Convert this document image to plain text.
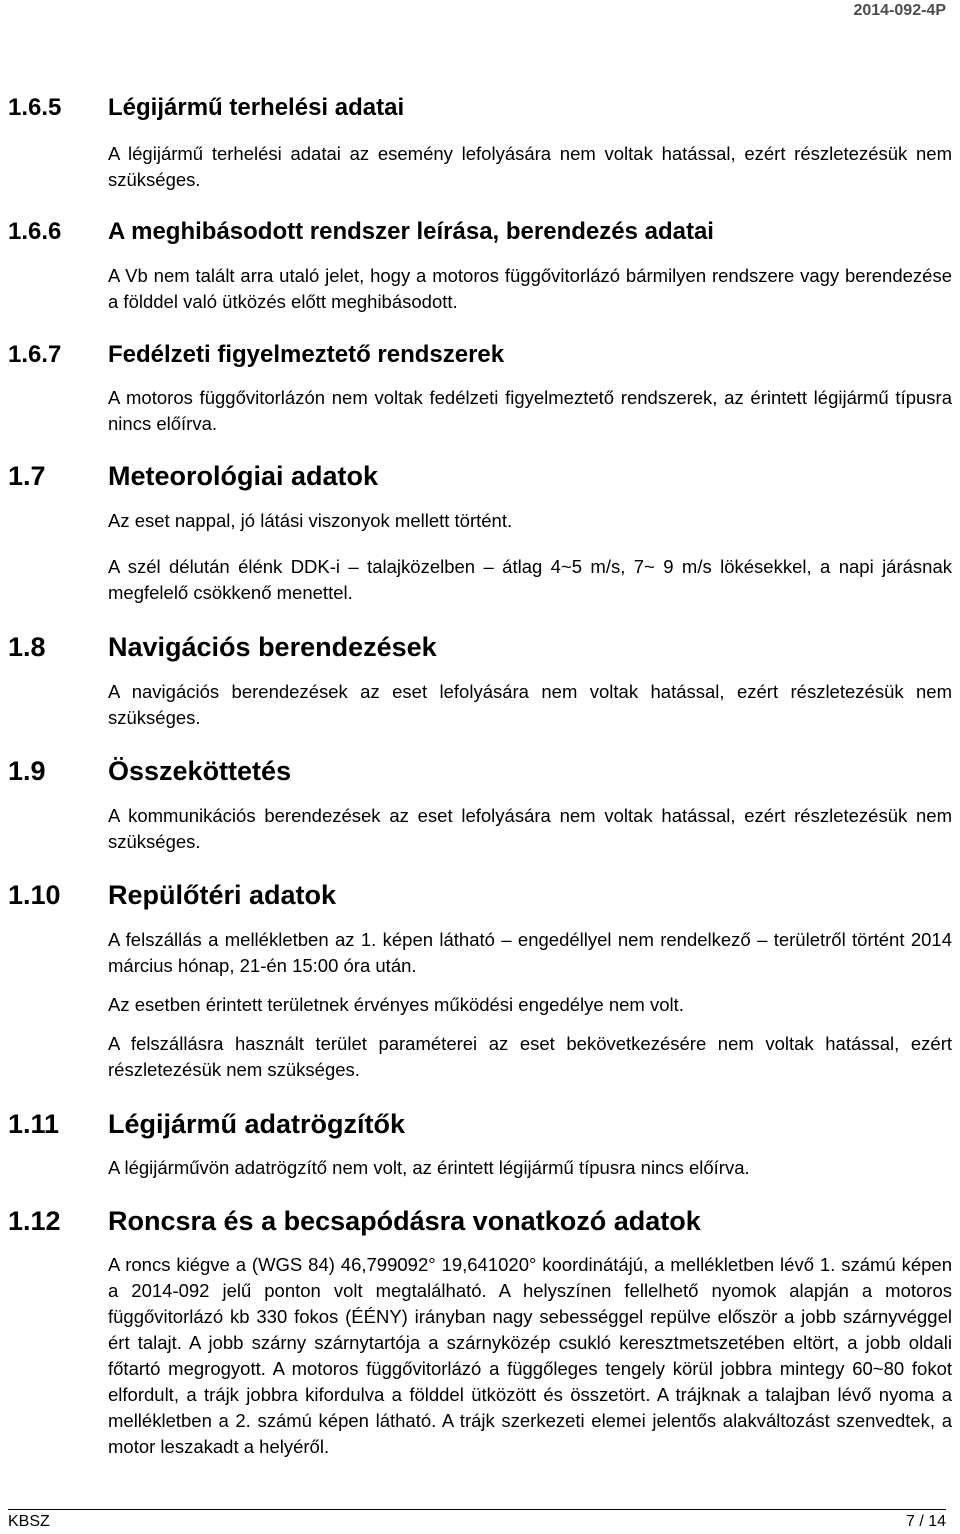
2014-092-4P
1.6.5 Légijármű terhelési adatai
A légijármű terhelési adatai az esemény lefolyására nem voltak hatással, ezért részletezésük nem szükséges.
1.6.6 A meghibásodott rendszer leírása, berendezés adatai
A Vb nem talált arra utaló jelet, hogy a motoros függővitorlázó bármilyen rendszere vagy berendezése a földdel való ütközés előtt meghibásodott.
1.6.7 Fedélzeti figyelmeztető rendszerek
A motoros függővitorlázón nem voltak fedélzeti figyelmeztető rendszerek, az érintett légijármű típusra nincs előírva.
1.7 Meteorológiai adatok
Az eset nappal, jó látási viszonyok mellett történt.
A szél délután élénk DDK-i – talajközelben – átlag 4~5 m/s, 7~ 9 m/s lökésekkel, a napi járásnak megfelelő csökkenő menettel.
1.8 Navigációs berendezések
A navigációs berendezések az eset lefolyására nem voltak hatással, ezért részletezésük nem szükséges.
1.9 Összeköttetés
A kommunikációs berendezések az eset lefolyására nem voltak hatással, ezért részletezésük nem szükséges.
1.10 Repülőtéri adatok
A felszállás a mellékletben az 1. képen látható – engedéllyel nem rendelkező – területről történt 2014 március hónap, 21-én 15:00 óra után.
Az esetben érintett területnek érvényes működési engedélye nem volt.
A felszállásra használt terület paraméterei az eset bekövetkezésére nem voltak hatással, ezért részletezésük nem szükséges.
1.11 Légijármű adatrögzítők
A légijárművön adatrögzítő nem volt, az érintett légijármű típusra nincs előírva.
1.12 Roncsra és a becsapódásra vonatkozó adatok
A roncs kiégve a (WGS 84) 46,799092° 19,641020° koordinátájú, a mellékletben lévő 1. számú képen a 2014-092 jelű ponton volt megtalálható. A helyszínen fellelhető nyomok alapján a motoros függővitorlázó kb 330 fokos (ÉÉNY) irányban nagy sebességgel repülve először a jobb szárnyvéggel ért talajt. A jobb szárny szárnytartója a szárnyközép csukló keresztmetszetében eltört, a jobb oldali főtartó megrogyott. A motoros függővitorlázó a függőleges tengely körül jobbra mintegy 60~80 fokot elfordult, a trájk jobbra kifordulva a földdel ütközött és összetört. A trájknak a talajban lévő nyoma a mellékletben a 2. számú képen látható. A trájk szerkezeti elemei jelentős alakváltozást szenvedtek, a motor leszakadt a helyéről.
KBSZ	7 / 14
